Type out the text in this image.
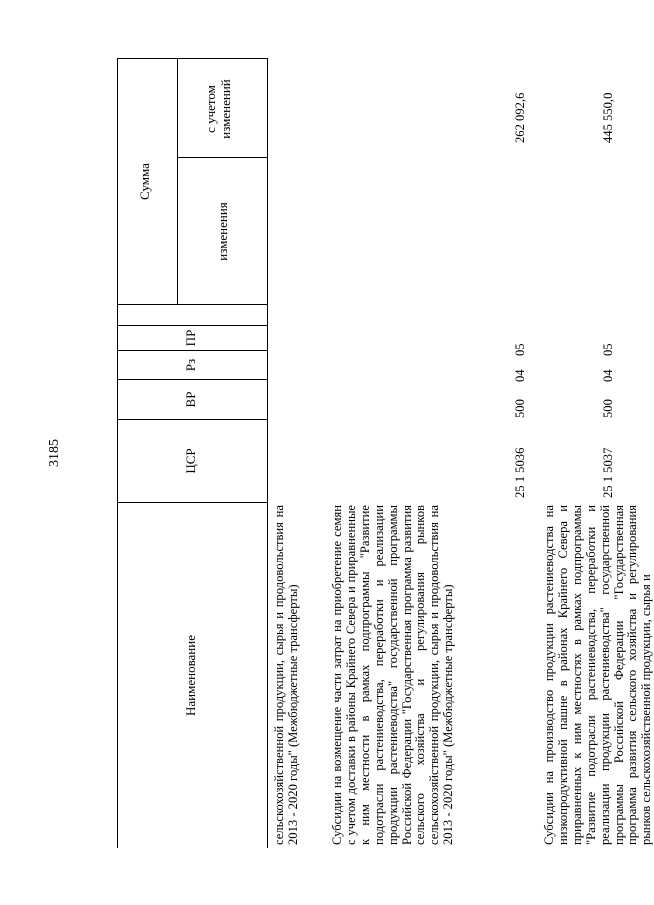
3185
Наименование
ЦСР
ВР
Рз
ПР
Сумма
изменения
с учетом изменений
сельскохозяйственной продукции, сырья и продовольствия на 2013 - 2020 годы" (Межбюджетные трансферты) Субсидии на возмещение части затрат на приобретение семян с учетом доставки в районы Крайнего Севера и приравненные к ним местности в рамках подпрограммы "Развитие подотрасли растениеводства, переработки и реализации продукции растениеводства" государственной программы Российской Федерации "Государственная программа развития сельского хозяйства и регулирования рынков сельскохозяйственной продукции, сырья и продовольствия на 2013 - 2020 годы" (Межбюджетные трансферты)
25 1 5036
500
04
05
262 092,6
Субсидии на производство продукции растениеводства на низкопродуктивной пашне в районах Крайнего Севера и приравненных к ним местностях в рамках подпрограммы "Развитие подотрасли растениеводства, переработки и реализации продукции растениеводства" государственной программы Российской Федерации "Государственная программа развития сельского хозяйства и регулирования рынков сельскохозяйственной продукции, сырья и
25 1 5037
500
04
05
445 550,0
